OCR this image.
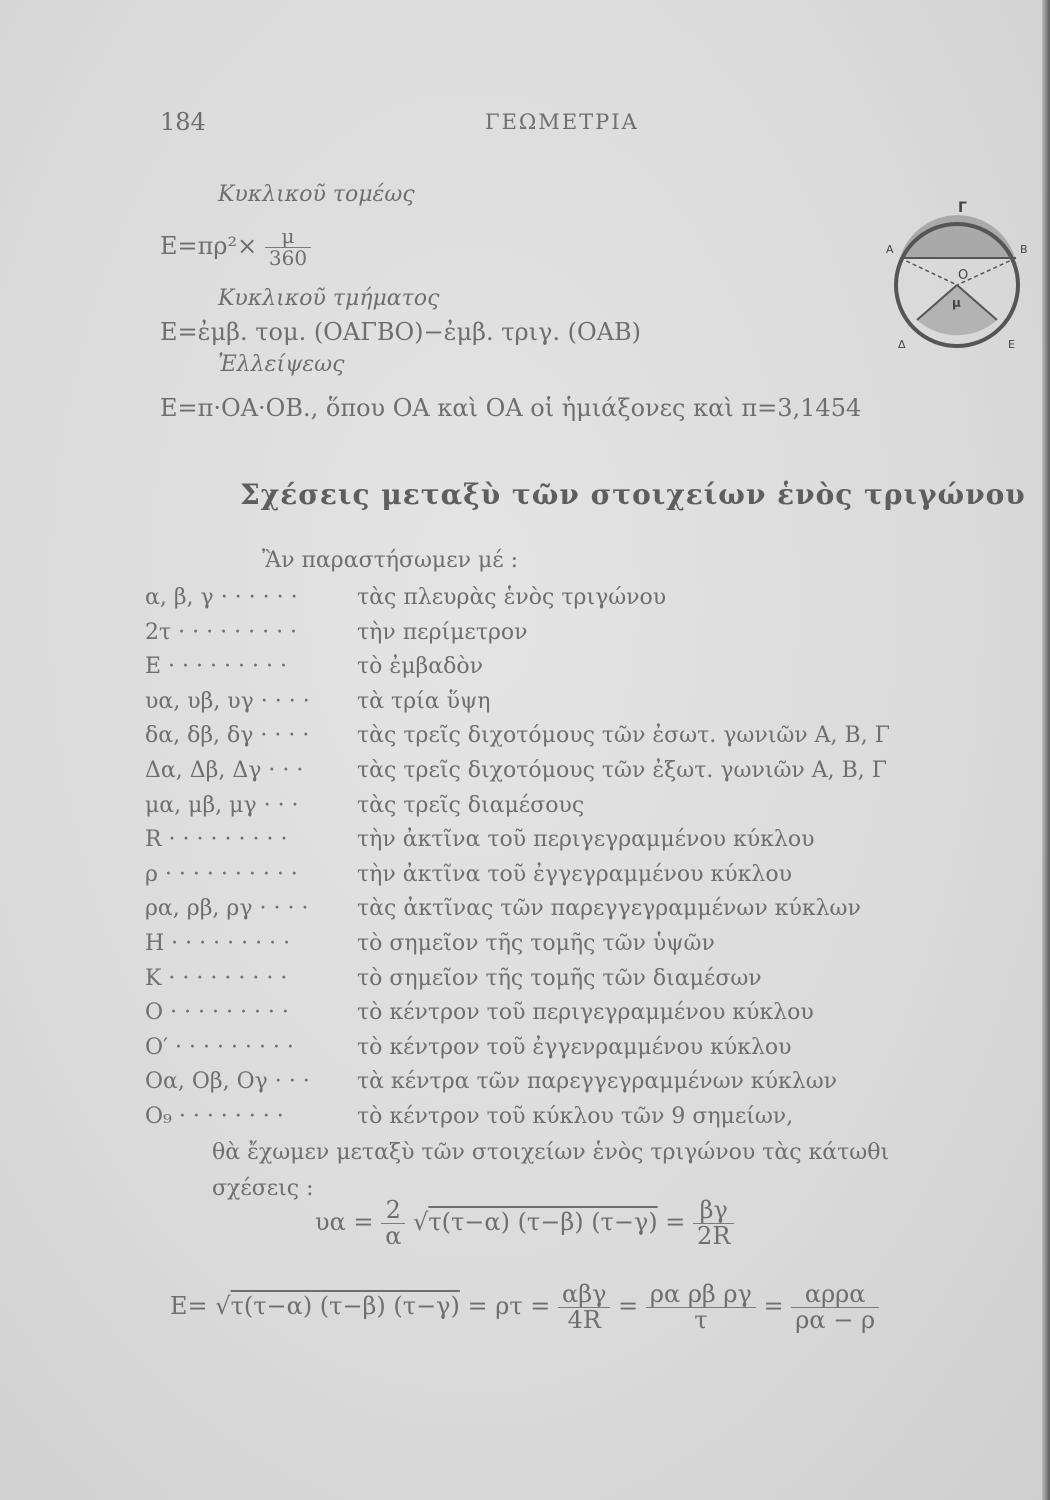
184	ΓΕΩΜΕΤΡΙΑ
Κυκλικοῦ τομέως
$E=\pi\rho^2\times \frac{\mu}{360}$
Κυκλικοῦ τμήματος
Ε=ἐμβ. τομ. (ΟΑΓΒΟ)−ἐμβ. τριγ. (ΟΑΒ)
Ἐλλείψεως
Ε=π·ΟΑ·ΟΒ., ὅπου ΟΑ καὶ ΟΑ οἱ ἡμιάξονες καὶ π=3,1454
Γ
Α	Β
Ο
μ
Δ	Ε
Σχέσεις μεταξὺ τῶν στοιχείων ἑνὸς τριγώνου
Ἂν παραστήσωμεν μέ :
α, β, γ · · · · · ·	τὰς πλευρὰς ἑνὸς τριγώνου
2τ · · · · · · · · ·	τὴν περίμετρον
Ε · · · · · · · · ·	τὸ ἐμβαδὸν
υα, υβ, υγ · · · · τὰ τρία ὕψη
δα, δβ, δγ · · · · τὰς τρεῖς διχοτόμους τῶν ἐσωτ. γωνιῶν Α, Β, Γ
Δα, Δβ, Δγ · · · τὰς τρεῖς διχοτόμους τῶν ἐξωτ. γωνιῶν Α, Β, Γ
μα, μβ, μγ · · ·	τὰς τρεῖς διαμέσους
R · · · · · · · · ·	τὴν ἀκτῖνα τοῦ περιγεγραμμένου κύκλου
ρ · · · · · · · · · ·	τὴν ἀκτῖνα τοῦ ἐγγεγραμμένου κύκλου
ρα, ρβ, ργ · · · · τὰς ἀκτῖνας τῶν παρεγγεγραμμένων κύκλων
Η · · · · · · · · ·	τὸ σημεῖον τῆς τομῆς τῶν ὑψῶν
Κ · · · · · · · · ·	τὸ σημεῖον τῆς τομῆς τῶν διαμέσων
Ο · · · · · · · · ·	τὸ κέντρον τοῦ περιγεγραμμένου κύκλου
Ο′ · · · · · · · · ·	τὸ κέντρον τοῦ ἐγγενραμμένου κύκλου
Οα, Οβ, Ογ · · · τὰ κέντρα τῶν παρεγγεγραμμένων κύκλων
Ο₉ · · · · · · · ·	τὸ κέντρον τοῦ κύκλου τῶν 9 σημείων,
θὰ ἔχωμεν μεταξὺ τῶν στοιχείων ἑνὸς τριγώνου τὰς κάτωθι
σχέσεις :
$\upsilon\alpha = \frac{2}{\alpha} √\tau(\tau-\alpha)$ (τ−β) $(\tau-\gamma) = \frac{\beta\gamma}{2R}$
Ε= √τ(τ−α) (τ−β) $(\tau-\gamma) = \rho\tau = \frac{\text{αβγ}}{4R} = \frac{\text{ρα ρβ ργ}}{\tau} = \frac{\text{αρρα}}{\rho\alpha - \rho}$
